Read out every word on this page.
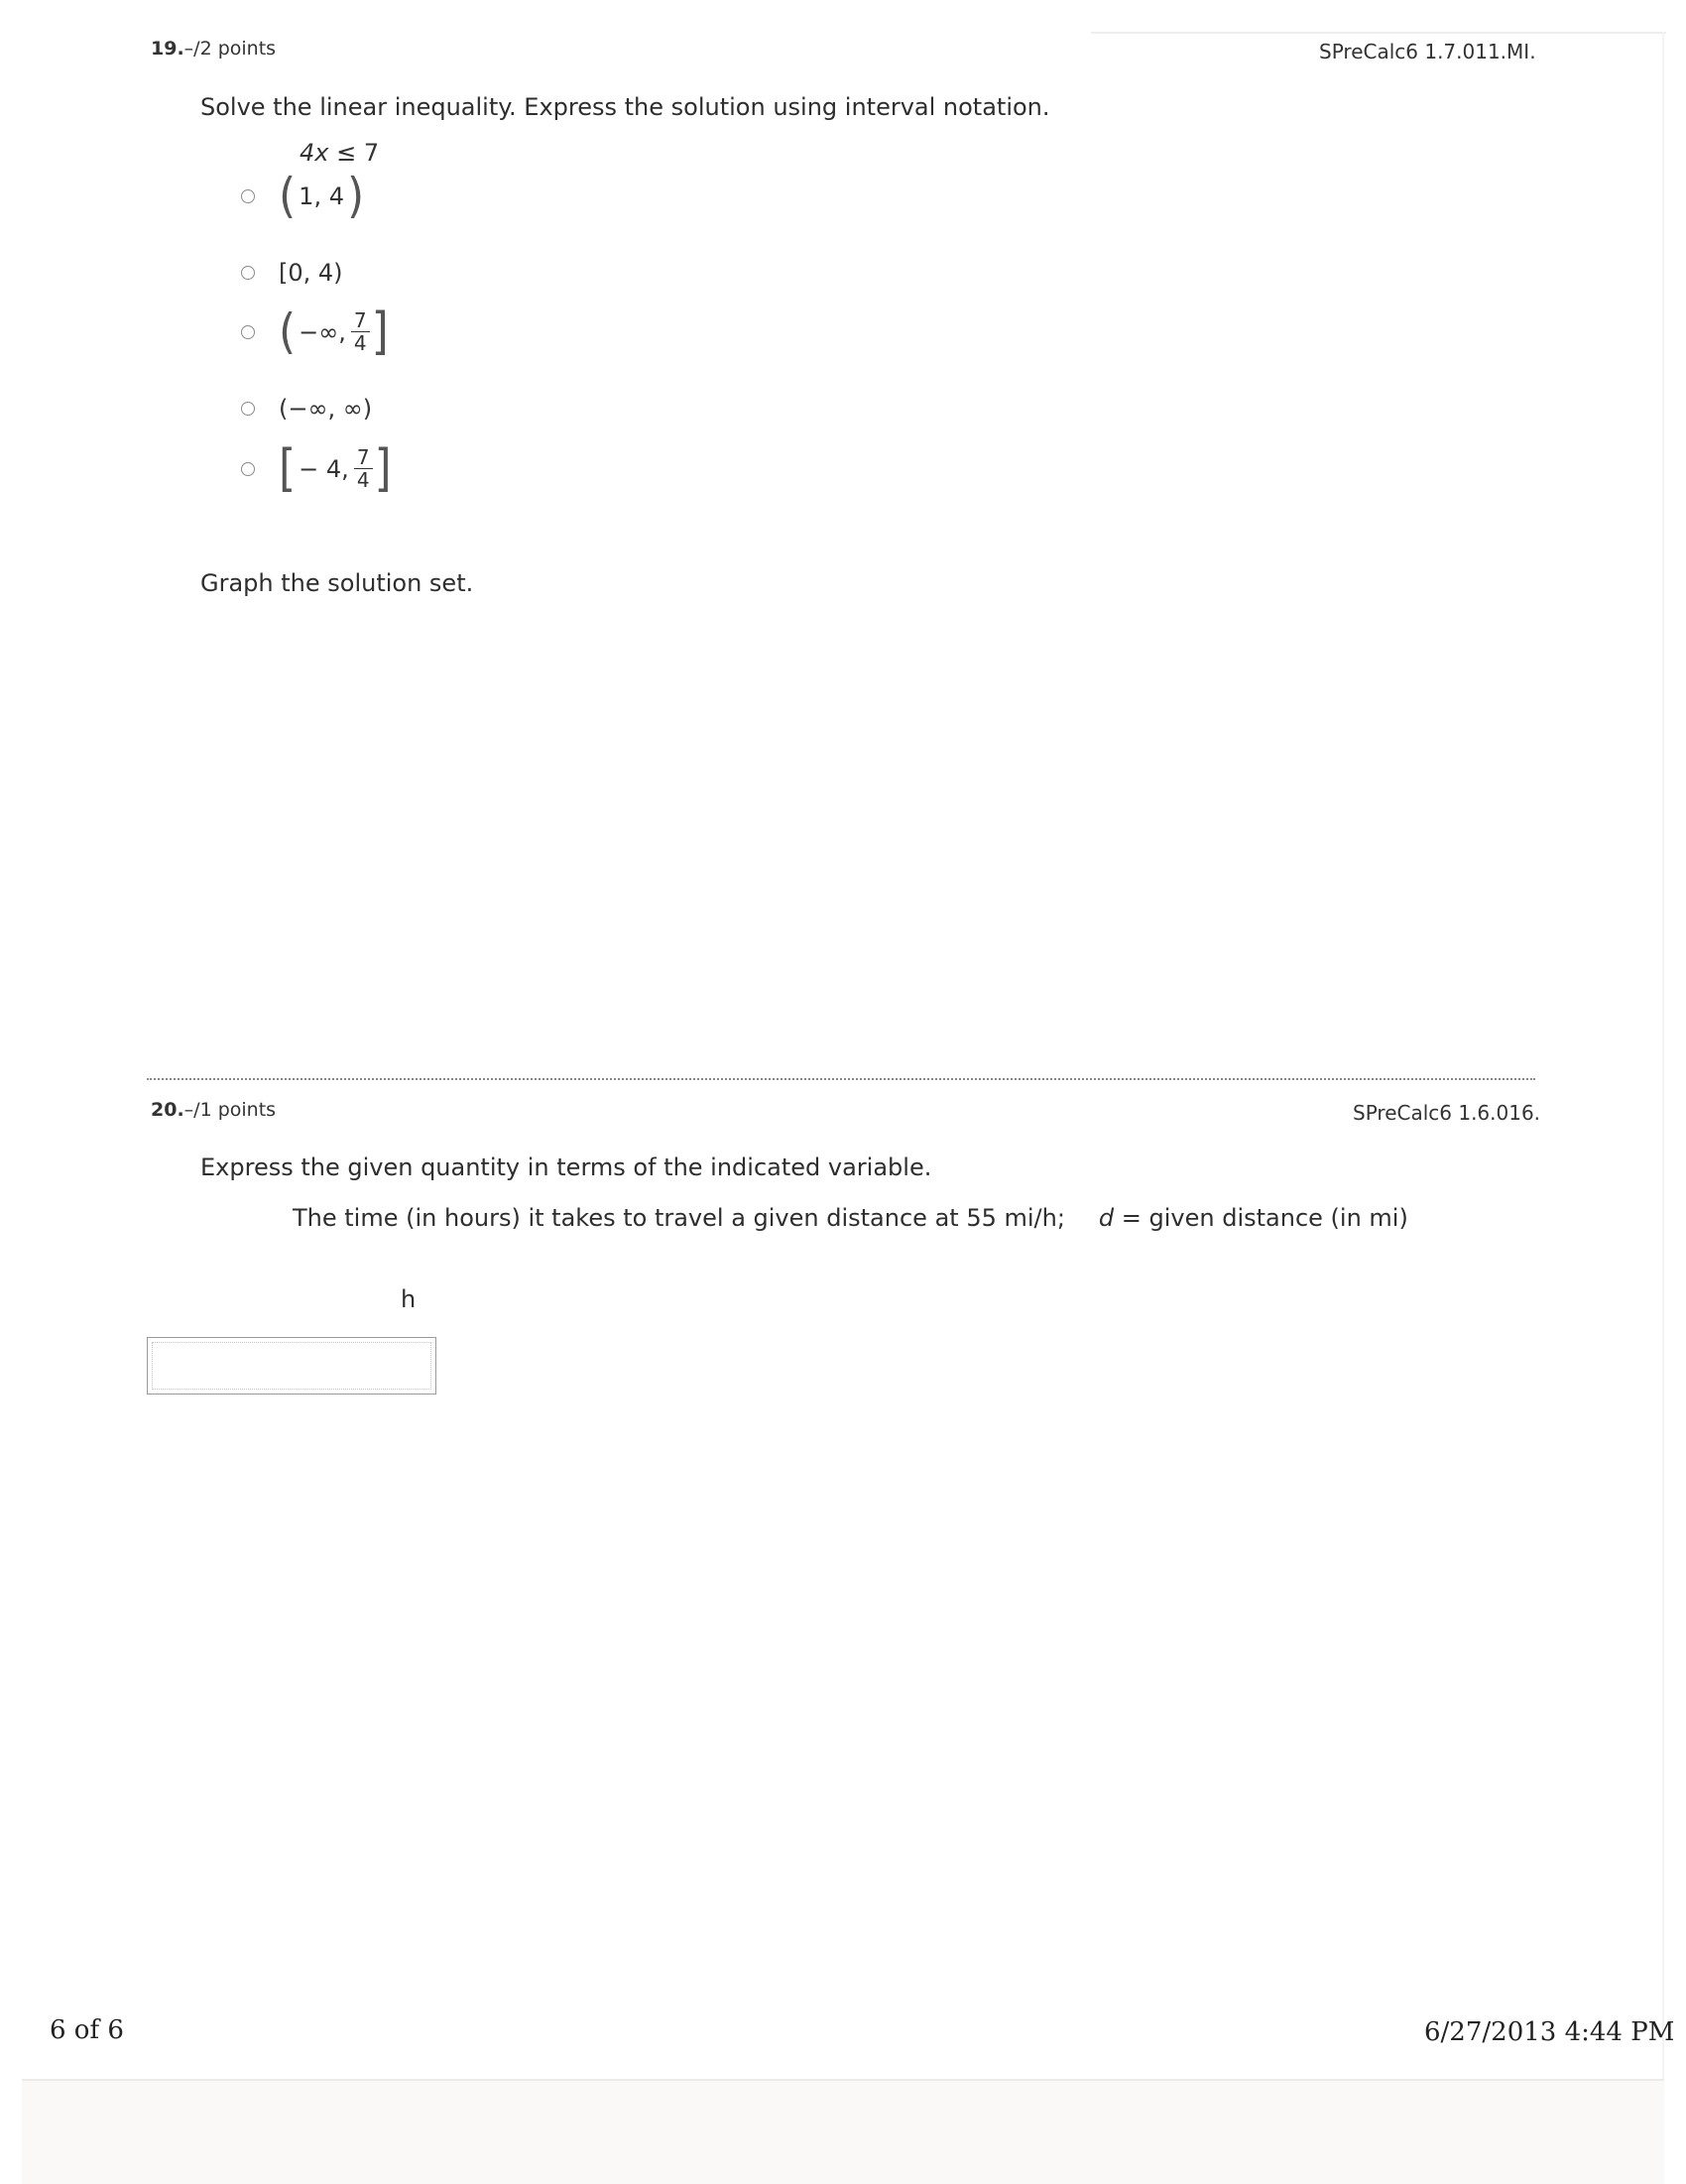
19.–/2 points	SPreCalc6 1.7.011.MI.
Solve the linear inequality. Express the solution using interval notation.
4x ≤ 7
( 1, 4 )
[0, 4)
( −∞, $\frac{7}{4}$ ]
(−∞, ∞)
[ − 4, $\frac{7}{4}$ ]
Graph the solution set.
20.–/1 points	SPreCalc6 1.6.016.
Express the given quantity in terms of the indicated variable.
The time (in hours) it takes to travel a given distance at 55 mi/h; d = given distance (in mi)
h
6 of 6	6/27/2013 4:44 PM
